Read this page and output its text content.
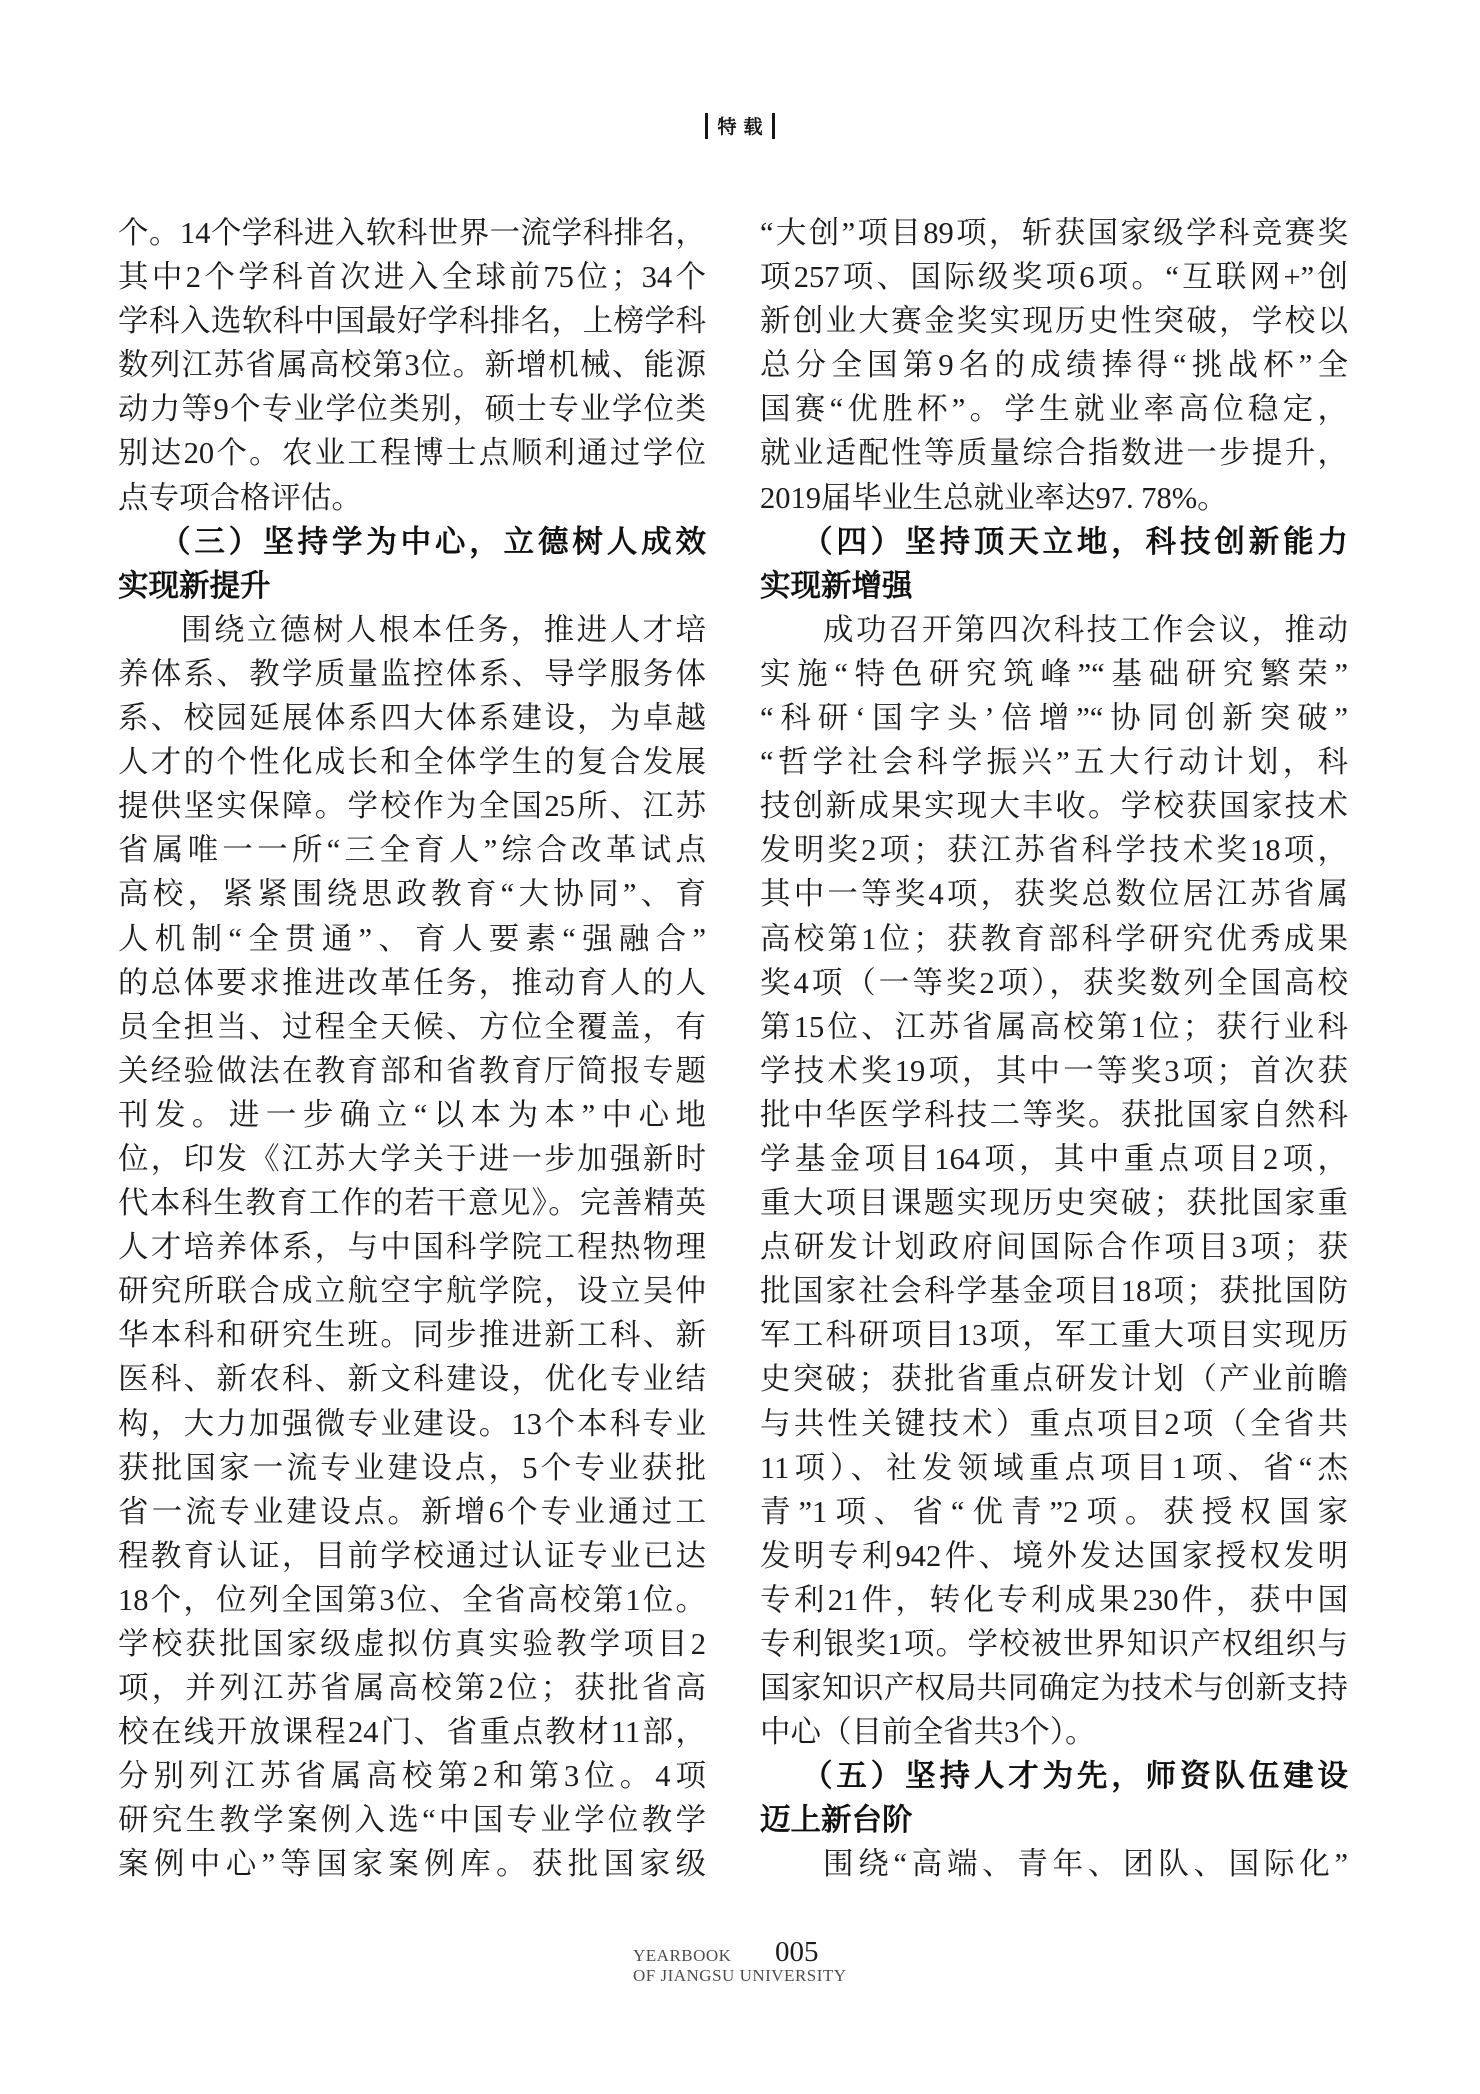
特载
个。14个学科进入软科世界一流学科排名，
其中2个学科首次进入全球前75位；34个
学科入选软科中国最好学科排名，上榜学科
数列江苏省属高校第3位。新增机械、能源
动力等9个专业学位类别，硕士专业学位类
别达20个。农业工程博士点顺利通过学位
点专项合格评估。
（三）坚持学为中心，立德树人成效
实现新提升
围绕立德树人根本任务，推进人才培
养体系、教学质量监控体系、导学服务体
系、校园延展体系四大体系建设，为卓越
人才的个性化成长和全体学生的复合发展
提供坚实保障。学校作为全国25所、江苏
省属唯一一所“三全育人”综合改革试点
高校，紧紧围绕思政教育“大协同”、育
人机制“全贯通”、育人要素“强融合”
的总体要求推进改革任务，推动育人的人
员全担当、过程全天候、方位全覆盖，有
关经验做法在教育部和省教育厅简报专题
刊发。进一步确立“以本为本”中心地
位，印发《江苏大学关于进一步加强新时
代本科生教育工作的若干意见》。完善精英
人才培养体系，与中国科学院工程热物理
研究所联合成立航空宇航学院，设立吴仲
华本科和研究生班。同步推进新工科、新
医科、新农科、新文科建设，优化专业结
构，大力加强微专业建设。13个本科专业
获批国家一流专业建设点，5个专业获批
省一流专业建设点。新增6个专业通过工
程教育认证，目前学校通过认证专业已达
18个，位列全国第3位、全省高校第1位。
学校获批国家级虚拟仿真实验教学项目2
项，并列江苏省属高校第2位；获批省高
校在线开放课程24门、省重点教材11部，
分别列江苏省属高校第2和第3位。4项
研究生教学案例入选“中国专业学位教学
案例中心”等国家案例库。获批国家级
“大创”项目89项，斩获国家级学科竞赛奖
项257项、国际级奖项6项。“互联网+”创
新创业大赛金奖实现历史性突破，学校以
总分全国第9名的成绩捧得“挑战杯”全
国赛“优胜杯”。学生就业率高位稳定，
就业适配性等质量综合指数进一步提升，
2019届毕业生总就业率达97. 78%。
（四）坚持顶天立地，科技创新能力
实现新增强
成功召开第四次科技工作会议，推动
实施“特色研究筑峰”“基础研究繁荣”
“科研‘国字头’倍增”“协同创新突破”
“哲学社会科学振兴”五大行动计划，科
技创新成果实现大丰收。学校获国家技术
发明奖2项；获江苏省科学技术奖18项，
其中一等奖4项，获奖总数位居江苏省属
高校第1位；获教育部科学研究优秀成果
奖4项（一等奖2项），获奖数列全国高校
第15位、江苏省属高校第1位；获行业科
学技术奖19项，其中一等奖3项；首次获
批中华医学科技二等奖。获批国家自然科
学基金项目164项，其中重点项目2项，
重大项目课题实现历史突破；获批国家重
点研发计划政府间国际合作项目3项；获
批国家社会科学基金项目18项；获批国防
军工科研项目13项，军工重大项目实现历
史突破；获批省重点研发计划（产业前瞻
与共性关键技术）重点项目2项（全省共
11项）、社发领域重点项目1项、省“杰
青”1项、省“优青”2项。获授权国家
发明专利942件、境外发达国家授权发明
专利21件，转化专利成果230件，获中国
专利银奖1项。学校被世界知识产权组织与
国家知识产权局共同确定为技术与创新支持
中心（目前全省共3个）。
（五）坚持人才为先，师资队伍建设
迈上新台阶
围绕“高端、青年、团队、国际化”
YEARBOOK
OF JIANGSU UNIVERSITY
005
